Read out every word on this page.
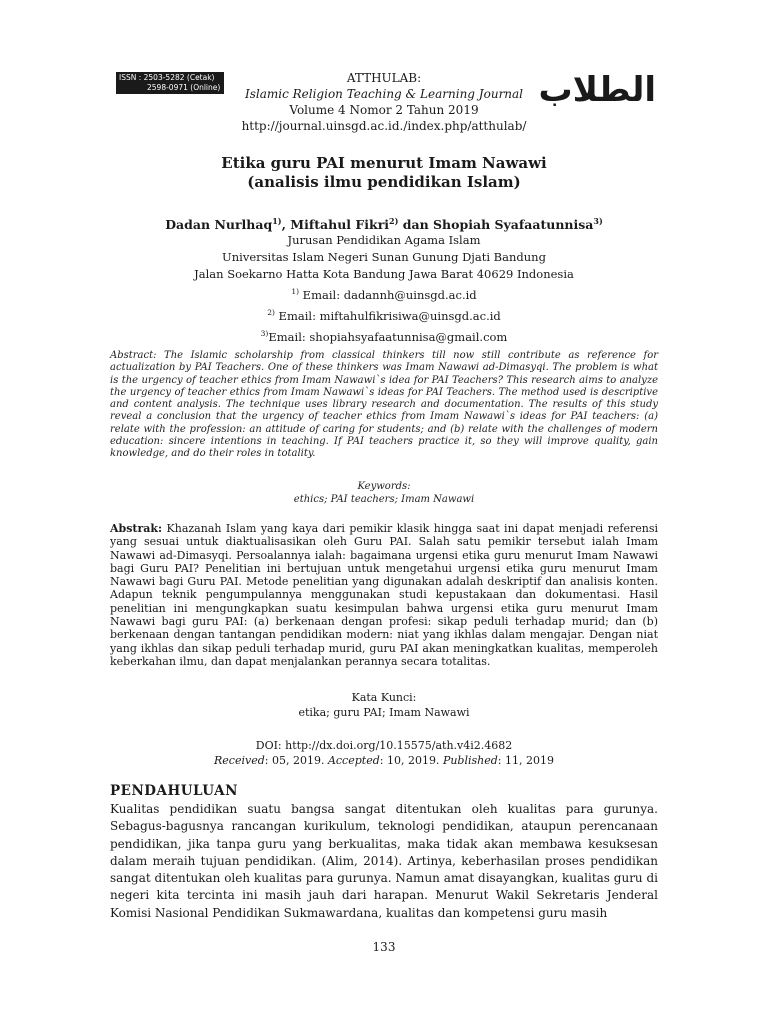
ISSN : 2503-5282 (Cetak)
2598-0971 (Online)	الطلاب
ATTHULAB:
Islamic Religion Teaching & Learning Journal
Volume 4 Nomor 2 Tahun 2019
http://journal.uinsgd.ac.id./index.php/atthulab/
Etika guru PAI menurut Imam Nawawi
(analisis ilmu pendidikan Islam)
Dadan Nurlhaq$^{1)}$, Miftahul Fikri$^{2)}$ dan Shopiah Syafaatunnisa$^{3)}$
Jurusan Pendidikan Agama Islam
Universitas Islam Negeri Sunan Gunung Djati Bandung
Jalan Soekarno Hatta Kota Bandung Jawa Barat 40629 Indonesia
$^{1)}$ Email: dadannh@uinsgd.ac.id
$^{2)}$ Email: miftahulfikrisiwa@uinsgd.ac.id
$^{3)}$Email: shopiahsyafaatunnisa@gmail.com
Abstract: The Islamic scholarship from classical thinkers till now still contribute as reference for actualization by PAI Teachers. One of these thinkers was Imam Nawawi ad-Dimasyqi. The problem is what is the urgency of teacher ethics from Imam Nawawi`s idea for PAI Teachers? This research aims to analyze the urgency of teacher ethics from Imam Nawawi`s ideas for PAI Teachers. The method used is descriptive and content analysis. The technique uses library research and documentation. The results of this study reveal a conclusion that the urgency of teacher ethics from Imam Nawawi`s ideas for PAI teachers: (a) relate with the profession: an attitude of caring for students; and (b) relate with the challenges of modern education: sincere intentions in teaching. If PAI teachers practice it, so they will improve quality, gain knowledge, and do their roles in totality.
Keywords:
ethics; PAI teachers; Imam Nawawi
Abstrak: Khazanah Islam yang kaya dari pemikir klasik hingga saat ini dapat menjadi referensi yang sesuai untuk diaktualisasikan oleh Guru PAI. Salah satu pemikir tersebut ialah Imam Nawawi ad-Dimasyqi. Persoalannya ialah: bagaimana urgensi etika guru menurut Imam Nawawi bagi Guru PAI? Penelitian ini bertujuan untuk mengetahui urgensi etika guru menurut Imam Nawawi bagi Guru PAI. Metode penelitian yang digunakan adalah deskriptif dan analisis konten. Adapun teknik pengumpulannya menggunakan studi kepustakaan dan dokumentasi. Hasil penelitian ini mengungkapkan suatu kesimpulan bahwa urgensi etika guru menurut Imam Nawawi bagi guru PAI: (a) berkenaan dengan profesi: sikap peduli terhadap murid; dan (b) berkenaan dengan tantangan pendidikan modern: niat yang ikhlas dalam mengajar. Dengan niat yang ikhlas dan sikap peduli terhadap murid, guru PAI akan meningkatkan kualitas, memperoleh keberkahan ilmu, dan dapat menjalankan perannya secara totalitas.
Kata Kunci:
etika; guru PAI; Imam Nawawi
DOI: http://dx.doi.org/10.15575/ath.v4i2.4682
Received: 05, 2019. Accepted: 10, 2019. Published: 11, 2019
PENDAHULUAN
Kualitas pendidikan suatu bangsa sangat ditentukan oleh kualitas para gurunya. Sebagus-bagusnya rancangan kurikulum, teknologi pendidikan, ataupun perencanaan pendidikan, jika tanpa guru yang berkualitas, maka tidak akan membawa kesuksesan dalam meraih tujuan pendidikan. (Alim, 2014). Artinya, keberhasilan proses pendidikan sangat ditentukan oleh kualitas para gurunya. Namun amat disayangkan, kualitas guru di negeri kita tercinta ini masih jauh dari harapan. Menurut Wakil Sekretaris Jenderal Komisi Nasional Pendidikan Sukmawardana, kualitas dan kompetensi guru masih
133
